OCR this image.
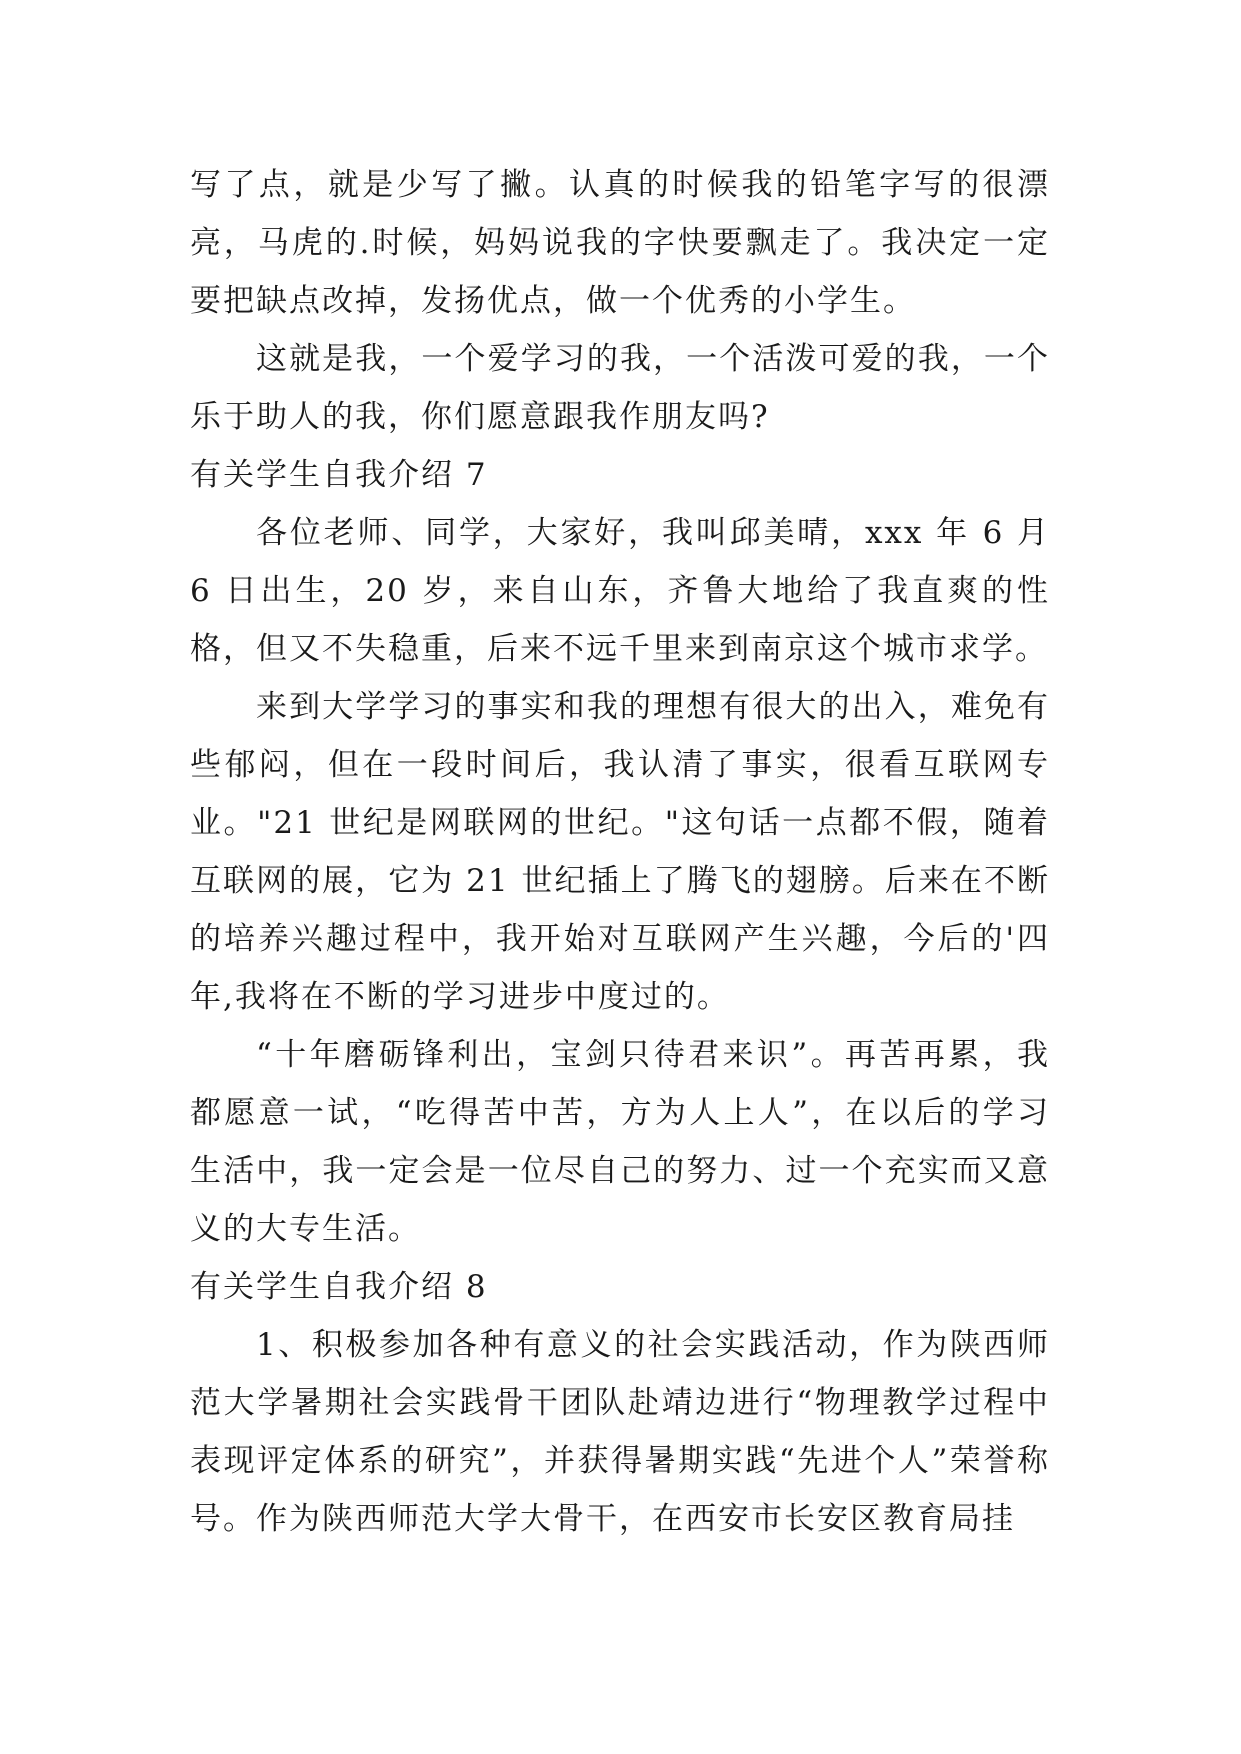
写了点，就是少写了撇。认真的时候我的铅笔字写的很漂亮，马虎的.时候，妈妈说我的字快要飘走了。我决定一定要把缺点改掉，发扬优点，做一个优秀的小学生。

这就是我，一个爱学习的我，一个活泼可爱的我，一个乐于助人的我，你们愿意跟我作朋友吗?

有关学生自我介绍 7

各位老师、同学，大家好，我叫邱美晴，xxx 年 6 月 6 日出生，20 岁，来自山东，齐鲁大地给了我直爽的性格，但又不失稳重，后来不远千里来到南京这个城市求学。

来到大学学习的事实和我的理想有很大的出入，难免有些郁闷，但在一段时间后，我认清了事实，很看互联网专业。"21 世纪是网联网的世纪。"这句话一点都不假，随着互联网的展，它为 21 世纪插上了腾飞的翅膀。后来在不断的培养兴趣过程中，我开始对互联网产生兴趣，今后的'四年,我将在不断的学习进步中度过的。

“十年磨砺锋利出，宝剑只待君来识”。再苦再累，我都愿意一试，“吃得苦中苦，方为人上人”，在以后的学习生活中，我一定会是一位尽自己的努力、过一个充实而又意义的大专生活。

有关学生自我介绍 8

1、积极参加各种有意义的社会实践活动，作为陕西师范大学暑期社会实践骨干团队赴靖边进行“物理教学过程中表现评定体系的研究”，并获得暑期实践“先进个人”荣誉称号。作为陕西师范大学大骨干，在西安市长安区教育局挂
